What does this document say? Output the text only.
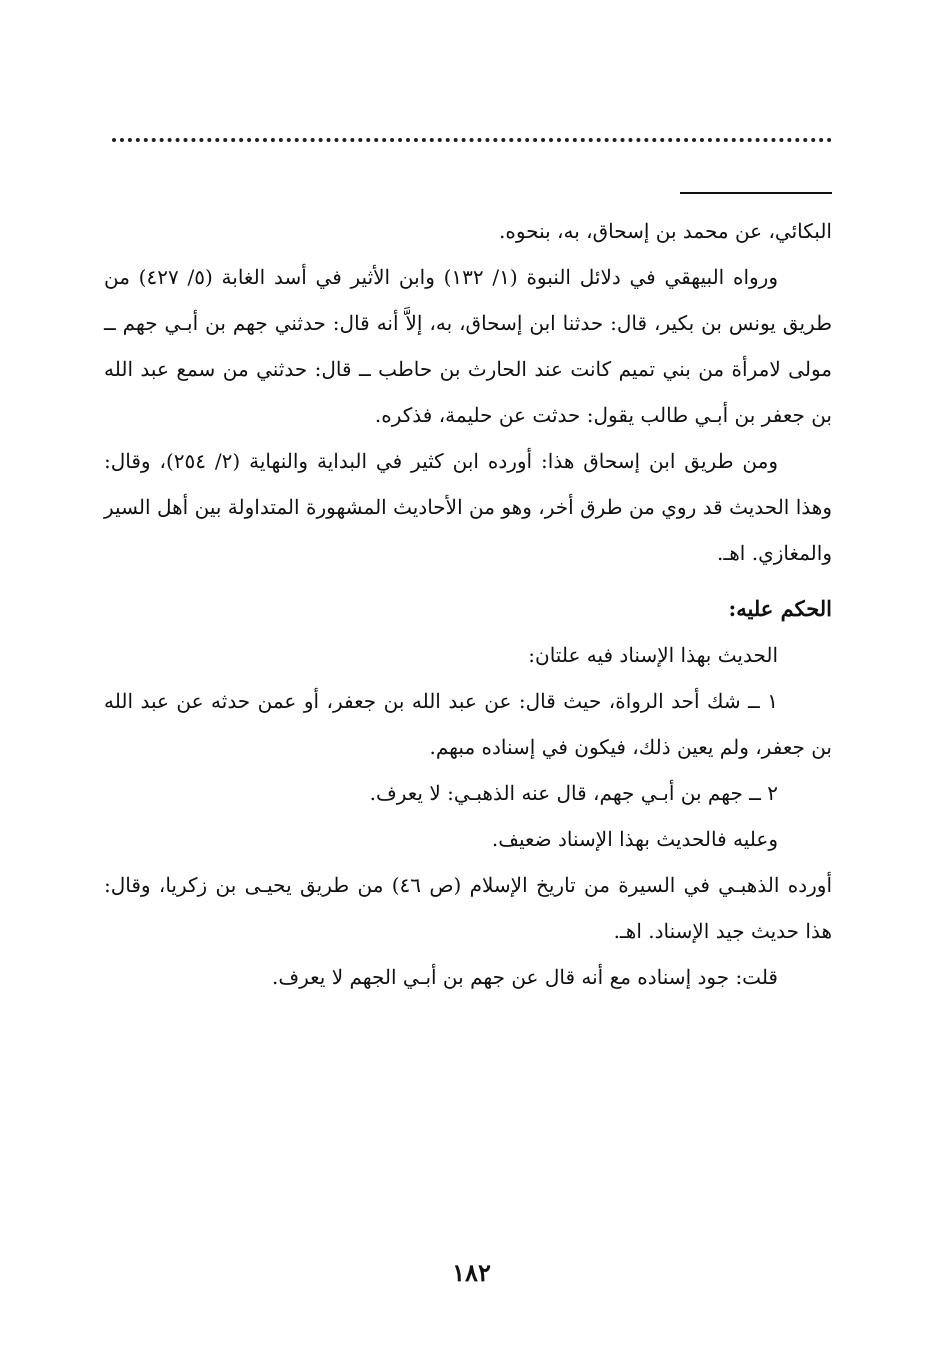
البكائي، عن محمد بن إسحاق، به، بنحوه.

ورواه البيهقي في دلائل النبوة (١/ ١٣٢) وابن الأثير في أسد الغابة (٥/ ٤٢٧) من طريق يونس بن بكير، قال: حدثنا ابن إسحاق، به، إلاَّ أنه قال: حدثني جهم بن أبـي جهم ــ مولى لامرأة من بني تميم كانت عند الحارث بن حاطب ــ قال: حدثني من سمع عبد الله بن جعفر بن أبـي طالب يقول: حدثت عن حليمة، فذكره.

ومن طريق ابن إسحاق هذا: أورده ابن كثير في البداية والنهاية (٢/ ٢٥٤)، وقال: وهذا الحديث قد روي من طرق أخر، وهو من الأحاديث المشهورة المتداولة بين أهل السير والمغازي. اهـ.

الحكم عليه:

الحديث بهذا الإسناد فيه علتان:

١ ــ شك أحد الرواة، حيث قال: عن عبد الله بن جعفر، أو عمن حدثه عن عبد الله بن جعفر، ولم يعين ذلك، فيكون في إسناده مبهم.

٢ ــ جهم بن أبـي جهم، قال عنه الذهبـي: لا يعرف.

وعليه فالحديث بهذا الإسناد ضعيف.

أورده الذهبـي في السيرة من تاريخ الإسلام (ص ٤٦) من طريق يحيـى بن زكريا، وقال: هذا حديث جيد الإسناد. اهـ.

قلت: جود إسناده مع أنه قال عن جهم بن أبـي الجهم لا يعرف.

١٨٢
